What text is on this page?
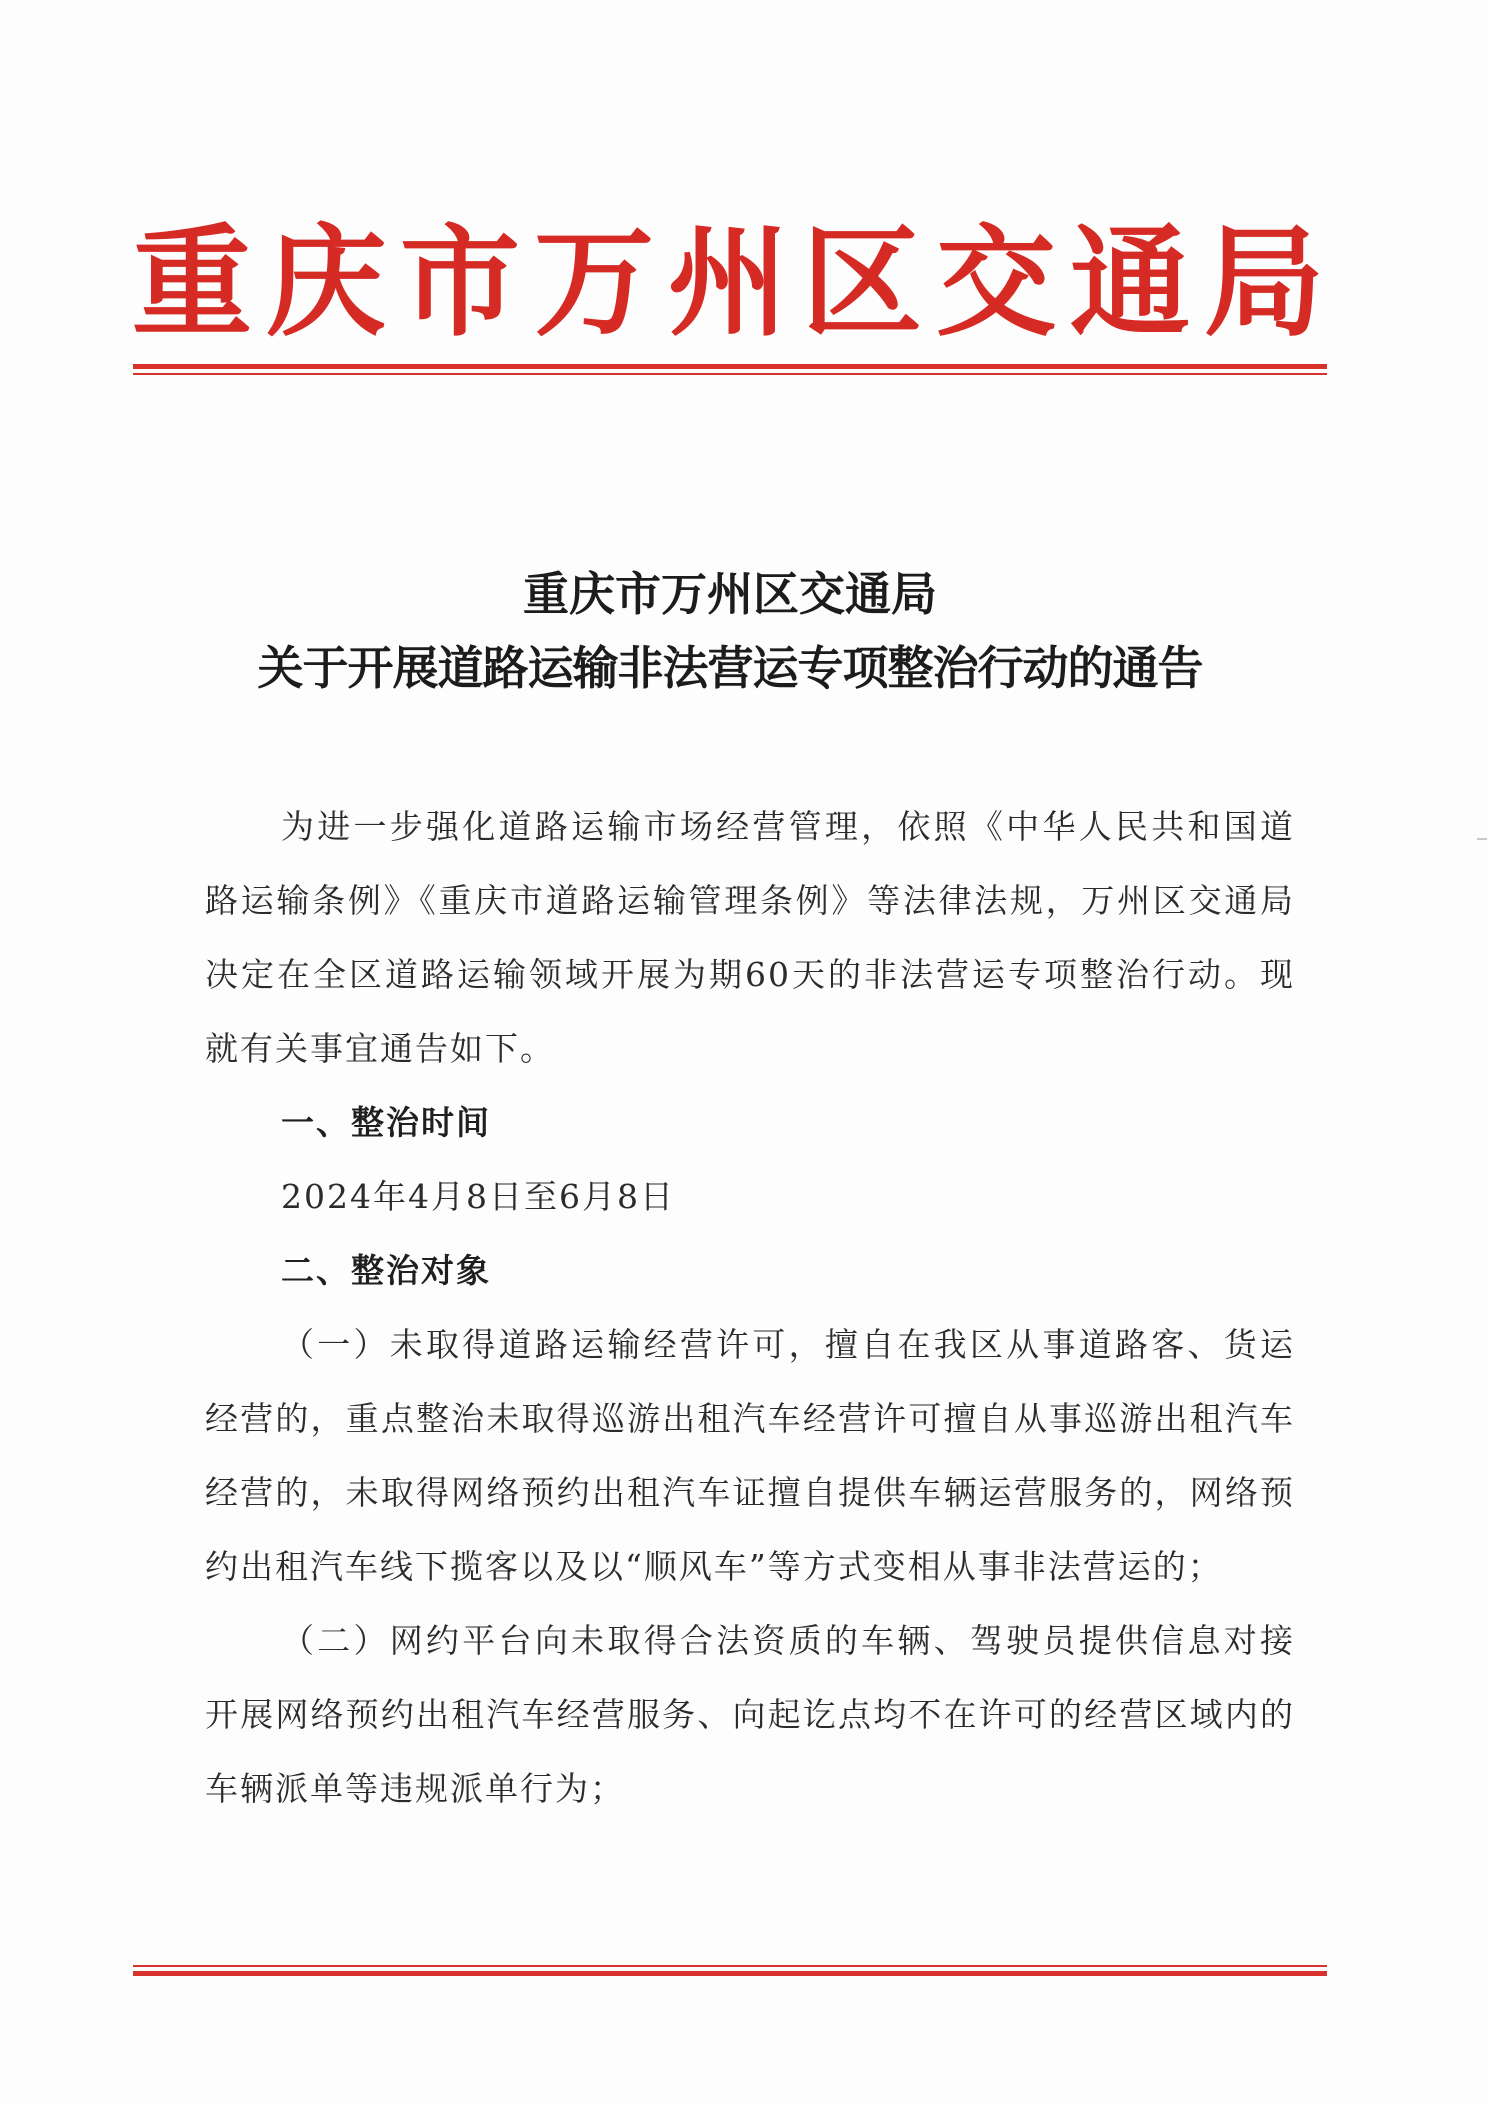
重庆市万州区交通局
重庆市万州区交通局
关于开展道路运输非法营运专项整治行动的通告

为进一步强化道路运输市场经营管理，依照《中华人民共和国道路运输条例》《重庆市道路运输管理条例》等法律法规，万州区交通局决定在全区道路运输领域开展为期60天的非法营运专项整治行动。现就有关事宜通告如下。

一、整治时间

2024年4月8日至6月8日

二、整治对象

（一）未取得道路运输经营许可，擅自在我区从事道路客、货运经营的，重点整治未取得巡游出租汽车经营许可擅自从事巡游出租汽车经营的，未取得网络预约出租汽车证擅自提供车辆运营服务的，网络预约出租汽车线下揽客以及以“顺风车”等方式变相从事非法营运的；

（二）网约平台向未取得合法资质的车辆、驾驶员提供信息对接开展网络预约出租汽车经营服务、向起讫点均不在许可的经营区域内的车辆派单等违规派单行为；
